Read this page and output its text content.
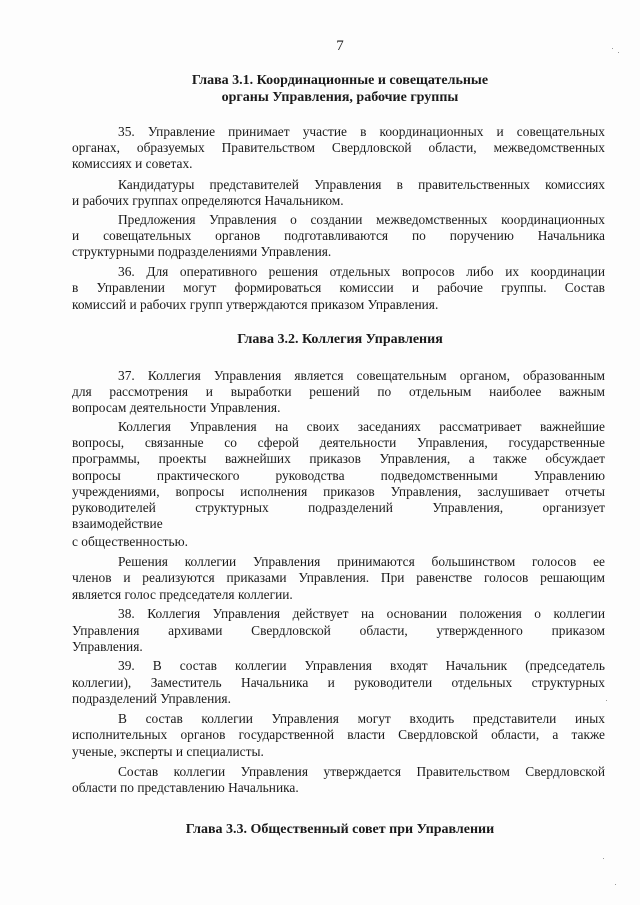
7
Глава 3.1. Координационные и совещательные
органы Управления, рабочие группы
35. Управление принимает участие в координационных и совещательных
органах, образуемых Правительством Свердловской области, межведомственных
комиссиях и советах.
Кандидатуры представителей Управления в правительственных комиссиях
и рабочих группах определяются Начальником.
Предложения Управления о создании межведомственных координационных
и совещательных органов подготавливаются по поручению Начальника
структурными подразделениями Управления.
36. Для оперативного решения отдельных вопросов либо их координации
в Управлении могут формироваться комиссии и рабочие группы. Состав
комиссий и рабочих групп утверждаются приказом Управления.
Глава 3.2. Коллегия Управления
37. Коллегия Управления является совещательным органом, образованным
для рассмотрения и выработки решений по отдельным наиболее важным
вопросам деятельности Управления.
Коллегия Управления на своих заседаниях рассматривает важнейшие
вопросы, связанные со сферой деятельности Управления, государственные
программы, проекты важнейших приказов Управления, а также обсуждает
вопросы практического руководства подведомственными Управлению
учреждениями, вопросы исполнения приказов Управления, заслушивает отчеты
руководителей структурных подразделений Управления, организует
взаимодействие
с общественностью.
Решения коллегии Управления принимаются большинством голосов ее
членов и реализуются приказами Управления. При равенстве голосов решающим
является голос председателя коллегии.
38. Коллегия Управления действует на основании положения о коллегии
Управления архивами Свердловской области, утвержденного приказом
Управления.
39. В состав коллегии Управления входят Начальник (председатель
коллегии), Заместитель Начальника и руководители отдельных структурных
подразделений Управления.
В состав коллегии Управления могут входить представители иных
исполнительных органов государственной власти Свердловской области, а также
ученые, эксперты и специалисты.
Состав коллегии Управления утверждается Правительством Свердловской
области по представлению Начальника.
Глава 3.3. Общественный совет при Управлении
